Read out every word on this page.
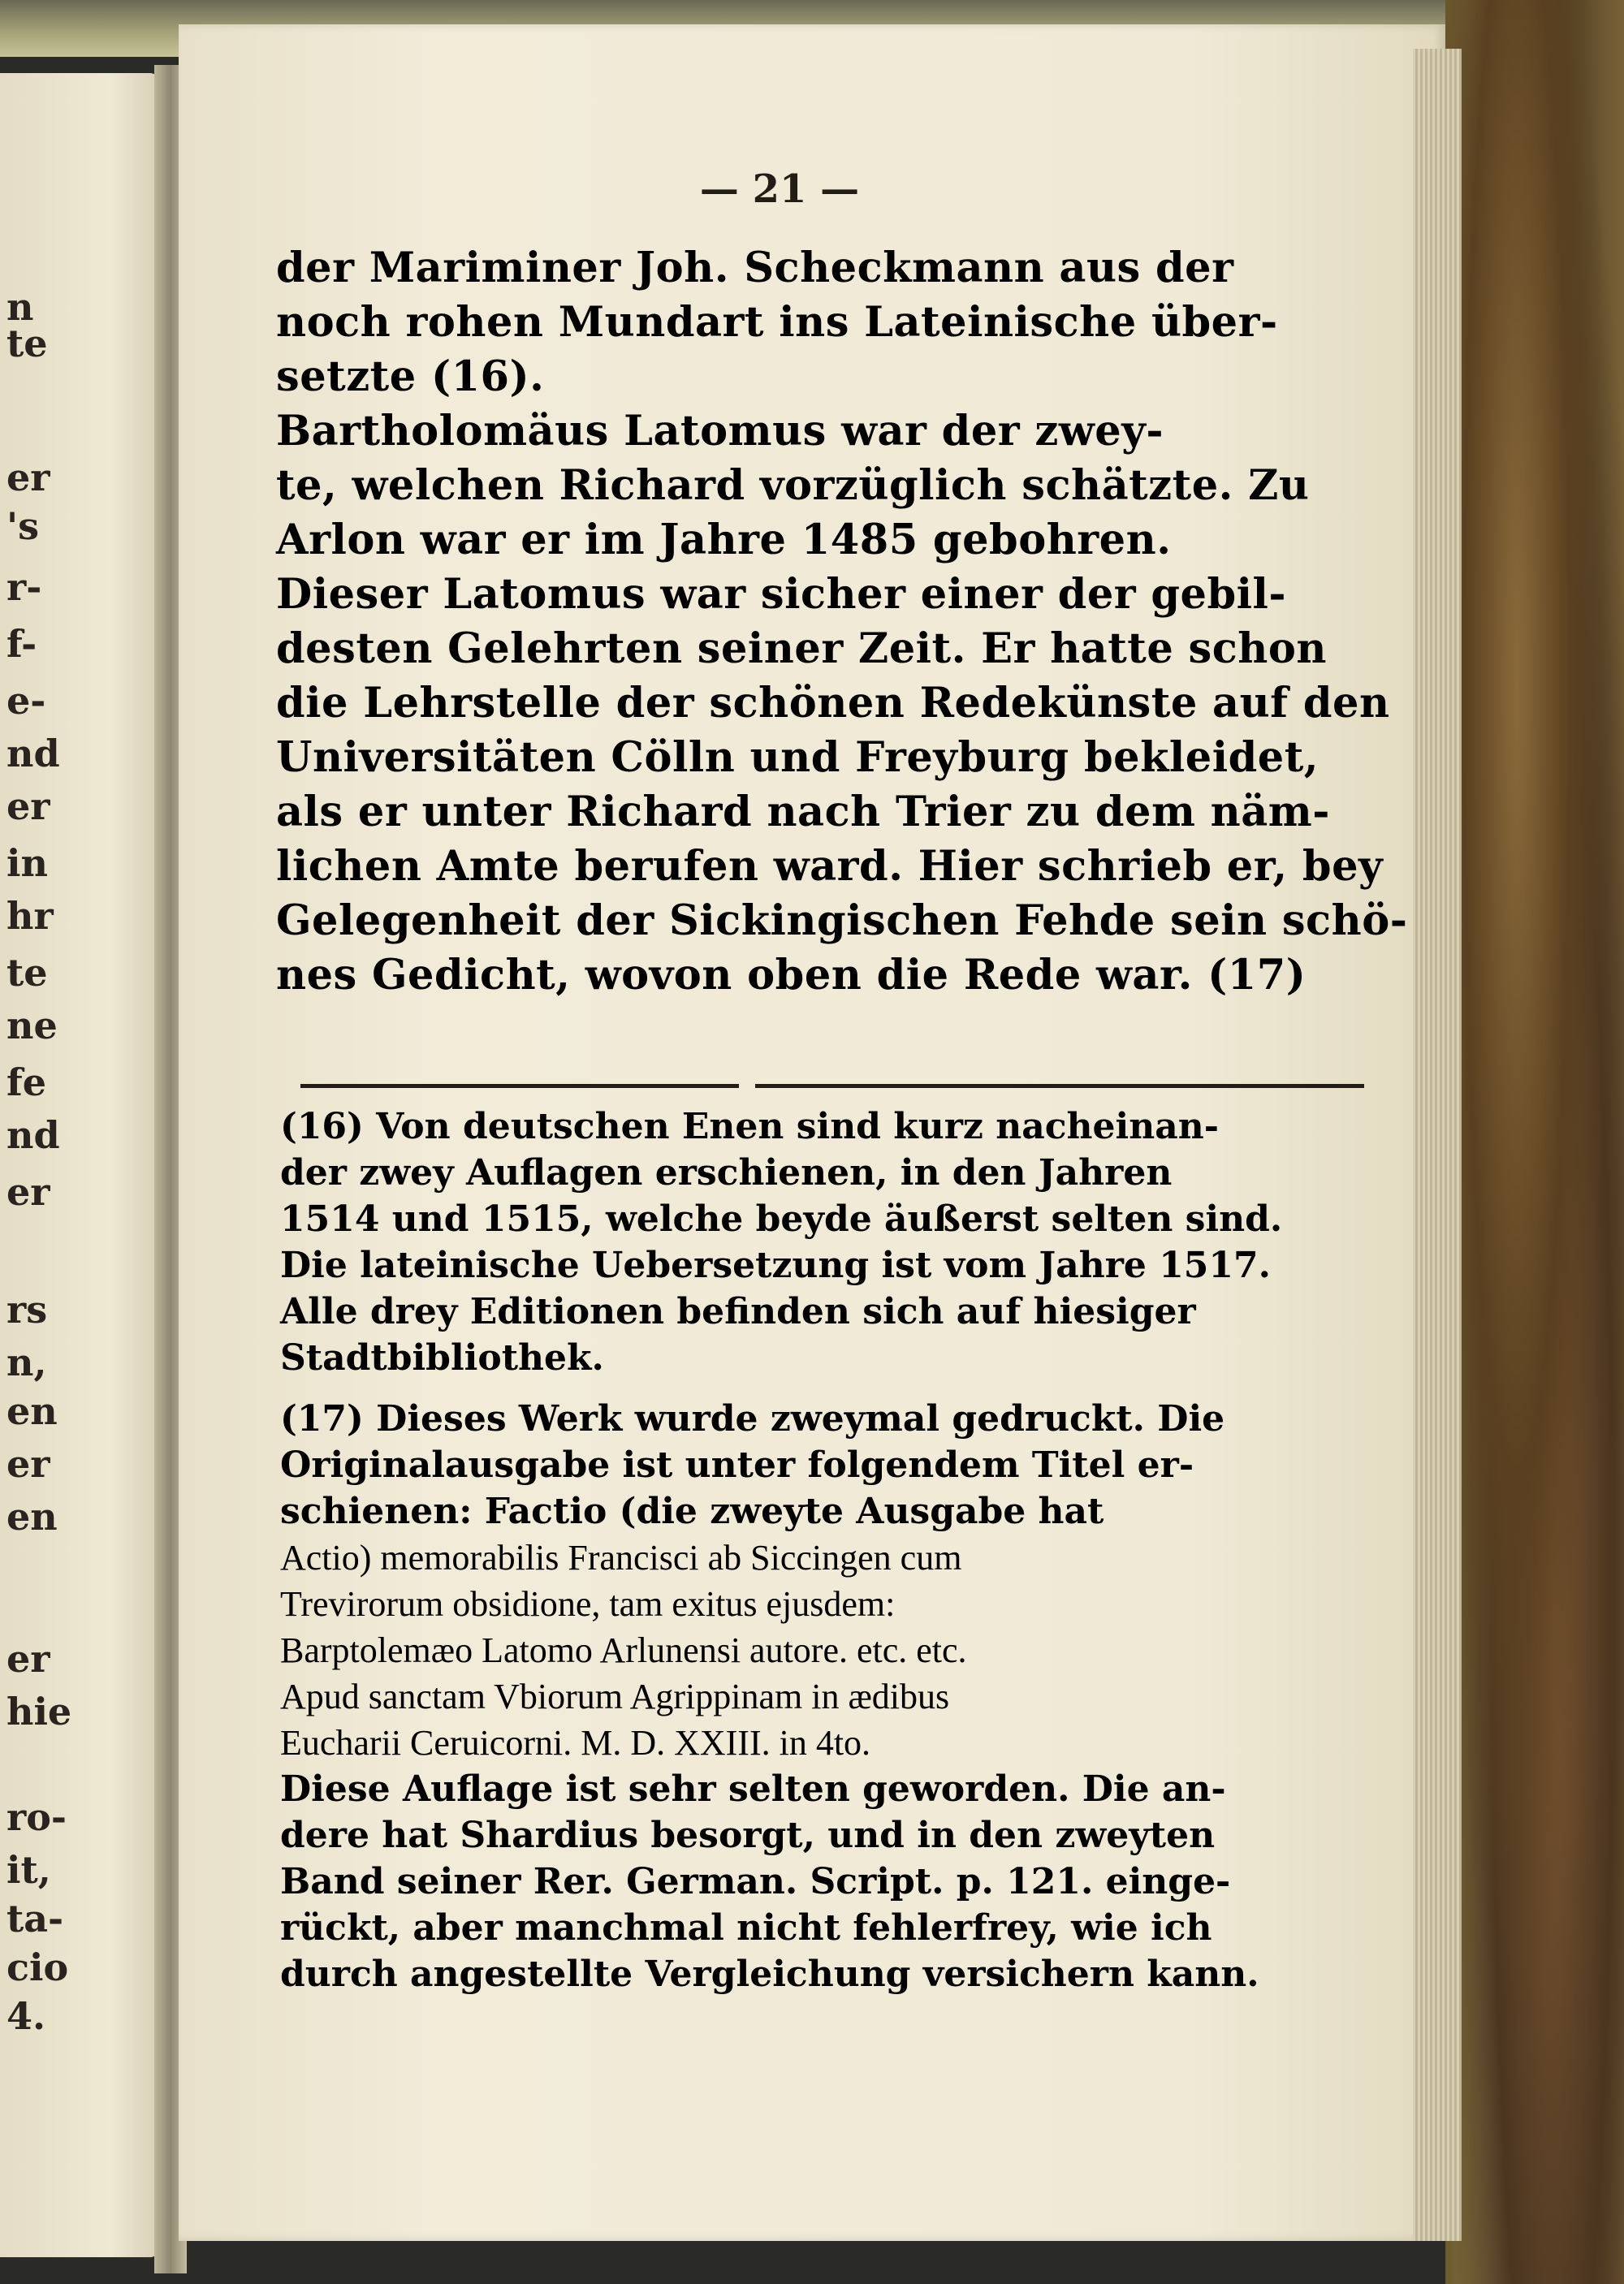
n
te
er
's
r-
f-
e-
nd
er
in
hr
te
ne
fe
nd
er
rs
n,
en
er
en
er
hie
ro-
it,
ta-
cio
4.
— 21 —
der Mariminer Joh. Scheckmann aus der
noch rohen Mundart ins Lateinische über-
setzte (16).
Bartholomäus Latomus war der zwey-
te, welchen Richard vorzüglich schätzte. Zu
Arlon war er im Jahre 1485 gebohren.
Dieser Latomus war sicher einer der gebil-
desten Gelehrten seiner Zeit. Er hatte schon
die Lehrstelle der schönen Redekünste auf den
Universitäten Cölln und Freyburg bekleidet,
als er unter Richard nach Trier zu dem näm-
lichen Amte berufen ward. Hier schrieb er, bey
Gelegenheit der Sickingischen Fehde sein schö-
nes Gedicht, wovon oben die Rede war. (17)
(16) Von deutschen Enen sind kurz nacheinan-
der zwey Auflagen erschienen, in den Jahren
1514 und 1515, welche beyde äußerst selten sind.
Die lateinische Uebersetzung ist vom Jahre 1517.
Alle drey Editionen befinden sich auf hiesiger
Stadtbibliothek.
(17) Dieses Werk wurde zweymal gedruckt. Die
Originalausgabe ist unter folgendem Titel er-
schienen: Factio (die zweyte Ausgabe hat
Actio) memorabilis Francisci ab Siccingen cum
Trevirorum obsidione, tam exitus ejusdem:
Barptolemæo Latomo Arlunensi autore. etc. etc.
Apud sanctam Vbiorum Agrippinam in ædibus
Eucharii Ceruicorni. M. D. XXIII. in 4to.
Diese Auflage ist sehr selten geworden. Die an-
dere hat Shardius besorgt, und in den zweyten
Band seiner Rer. German. Script. p. 121. einge-
rückt, aber manchmal nicht fehlerfrey, wie ich
durch angestellte Vergleichung versichern kann.
